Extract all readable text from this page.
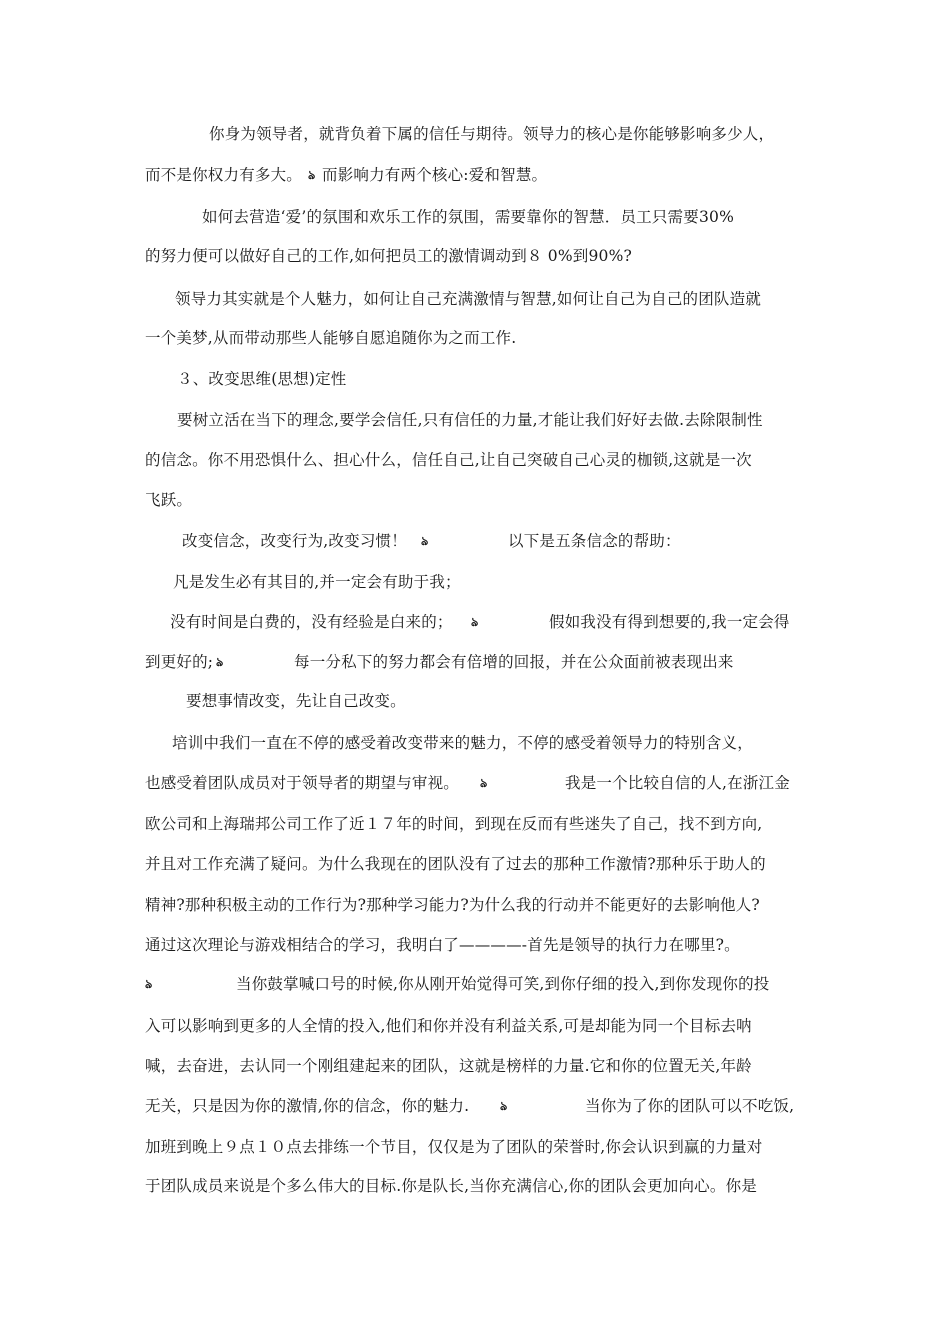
你身为领导者，就背负着下属的信任与期待。领导力的核心是你能够影响多少人，
而不是你权力有多大。 ঌ 而影响力有两个核心:爱和智慧。
如何去营造‘爱’的氛围和欢乐工作的氛围，需要靠你的智慧．员工只需要30%
的努力便可以做好自己的工作,如何把员工的激情调动到８ 0%到90%?
领导力其实就是个人魅力，如何让自己充满激情与智慧,如何让自己为自己的团队造就
一个美梦,从而带动那些人能够自愿追随你为之而工作.
３、改变思维(思想)定性
要树立活在当下的理念,要学会信任,只有信任的力量,才能让我们好好去做.去除限制性
的信念。你不用恐惧什么、担心什么，信任自己,让自己突破自己心灵的枷锁,这就是一次
飞跃。
改变信念，改变行为,改变习惯！ ঌ	以下是五条信念的帮助：
凡是发生必有其目的,并一定会有助于我；
没有时间是白费的，没有经验是白来的； ঌ	假如我没有得到想要的,我一定会得
到更好的; ঌ	每一分私下的努力都会有倍增的回报，并在公众面前被表现出来
要想事情改变，先让自己改变。
培训中我们一直在不停的感受着改变带来的魅力，不停的感受着领导力的特别含义，
也感受着团队成员对于领导者的期望与审视。 ঌ	我是一个比较自信的人,在浙江金
欧公司和上海瑞邦公司工作了近１７年的时间，到现在反而有些迷失了自己，找不到方向,
并且对工作充满了疑问。为什么我现在的团队没有了过去的那种工作激情?那种乐于助人的
精神?那种积极主动的工作行为?那种学习能力?为什么我的行动并不能更好的去影响他人?
通过这次理论与游戏相结合的学习，我明白了————-首先是领导的执行力在哪里?。
ঌ	当你鼓掌喊口号的时候,你从刚开始觉得可笑,到你仔细的投入,到你发现你的投
入可以影响到更多的人全情的投入,他们和你并没有利益关系,可是却能为同一个目标去呐
喊，去奋进，去认同一个刚组建起来的团队，这就是榜样的力量.它和你的位置无关,年龄
无关，只是因为你的激情,你的信念，你的魅力.	ঌ	当你为了你的团队可以不吃饭,
加班到晚上９点１０点去排练一个节目，仅仅是为了团队的荣誉时,你会认识到赢的力量对
于团队成员来说是个多么伟大的目标.你是队长,当你充满信心,你的团队会更加向心。你是
